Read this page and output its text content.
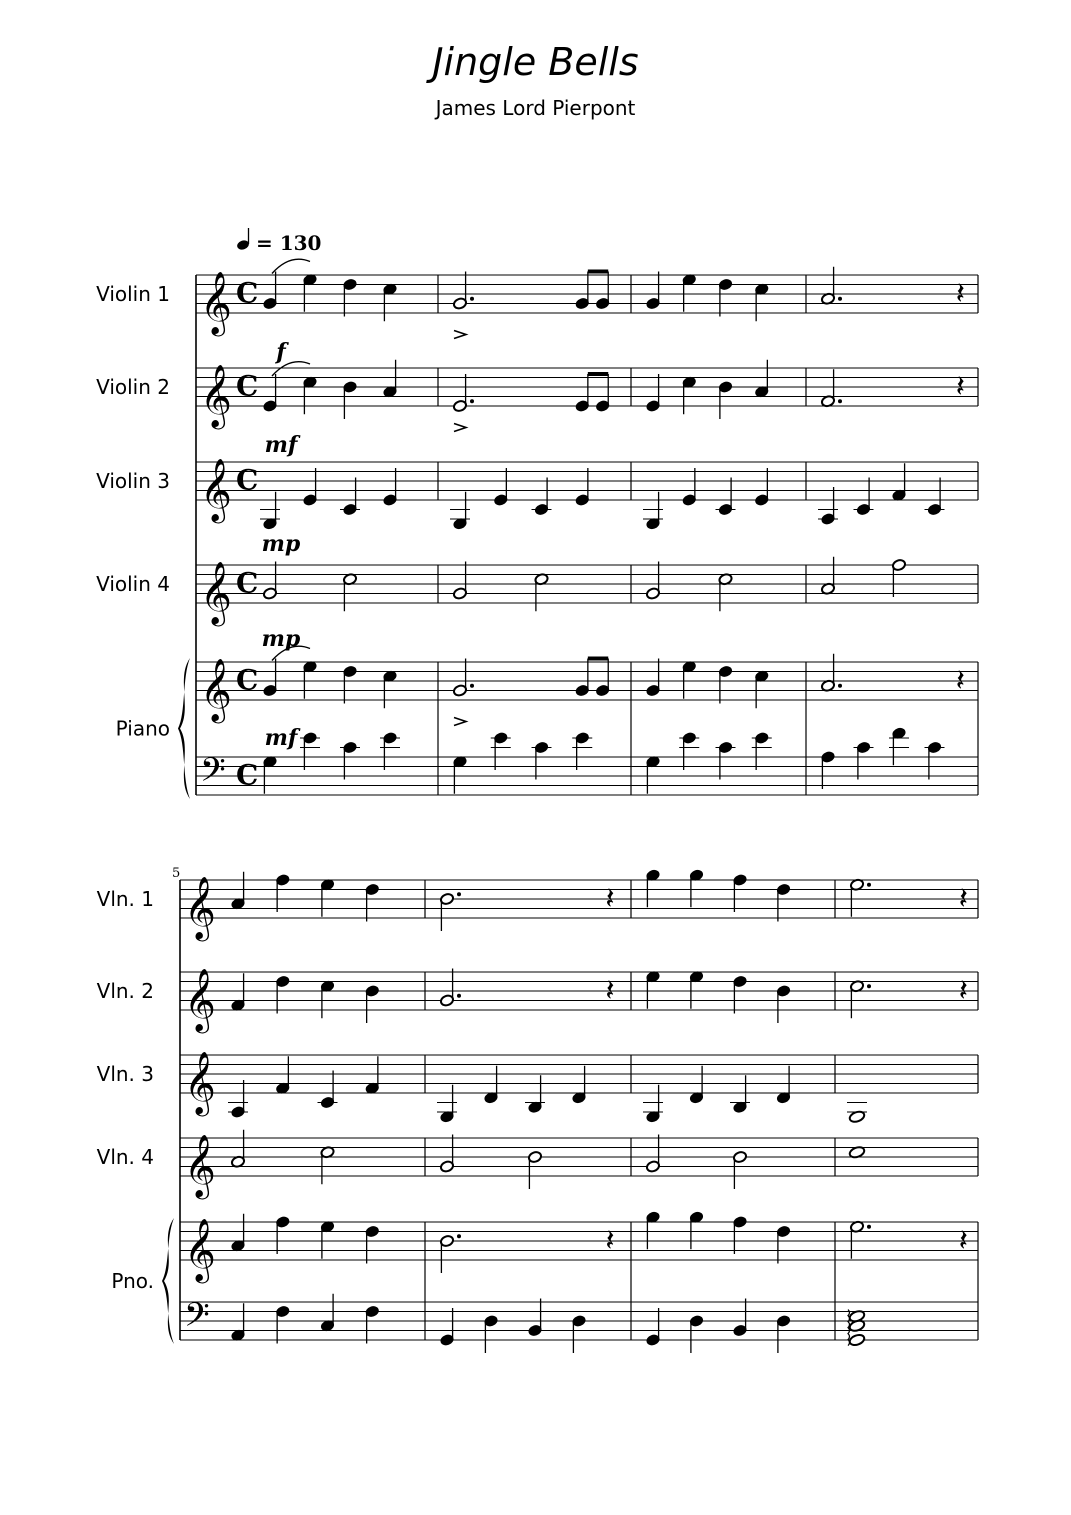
Jingle Bells
James Lord Pierpont
𝄞 C
𝄞 C
𝄞 C
𝄞 C
𝄞 C
𝄢 C
𝄞
𝄞
𝄞
𝄞
𝄞
𝄢
= 130
5
Violin 1
Violin 2
Violin 3
Violin 4
Piano
Vln. 1
Vln. 2
Vln. 3
Vln. 4
Pno.
𝄽
𝄽
𝄽
𝄽	𝄽
𝄽	𝄽
𝄽	𝄽
f
mf
mp
mp
mf
